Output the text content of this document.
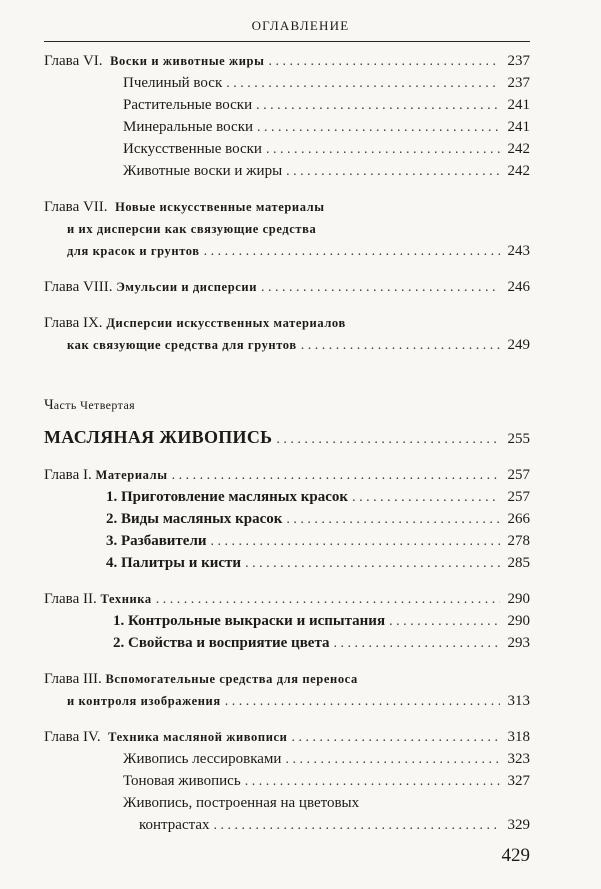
ОГЛАВЛЕНИЕ
Глава VI. Воски и животные жиры . . .	237
Пчелиный воск . . .	237
Растительные воски . . .	241
Минеральные воски . . .	241
Искусственные воски . . .	242
Животные воски и жиры . . .	242
Глава VII. Новые искусственные материалы
и их дисперсии как связующие средства
для красок и грунтов . . .	243
Глава VIII. Эмульсии и дисперсии . . .	246
Глава IX. Дисперсии искусственных материалов
как связующие средства для грунтов . . .	249
Часть Четвертая
МАСЛЯНАЯ ЖИВОПИСЬ . . .	255
Глава I. Материалы . . .	257
1. Приготовление масляных красок . . .	257
2. Виды масляных красок . . .	266
3. Разбавители . . .	278
4. Палитры и кисти . . .	285
Глава II. Техника . . .	290
1. Контрольные выкраски и испытания . . .	290
2. Свойства и восприятие цвета . . .	293
Глава III. Вспомогательные средства для переноса
и контроля изображения . . .	313
Глава IV. Техника масляной живописи . . .	318
Живопись лессировками . . .	323
Тоновая живопись . . .	327
Живопись, построенная на цветовых
контрастах . . .	329
429
